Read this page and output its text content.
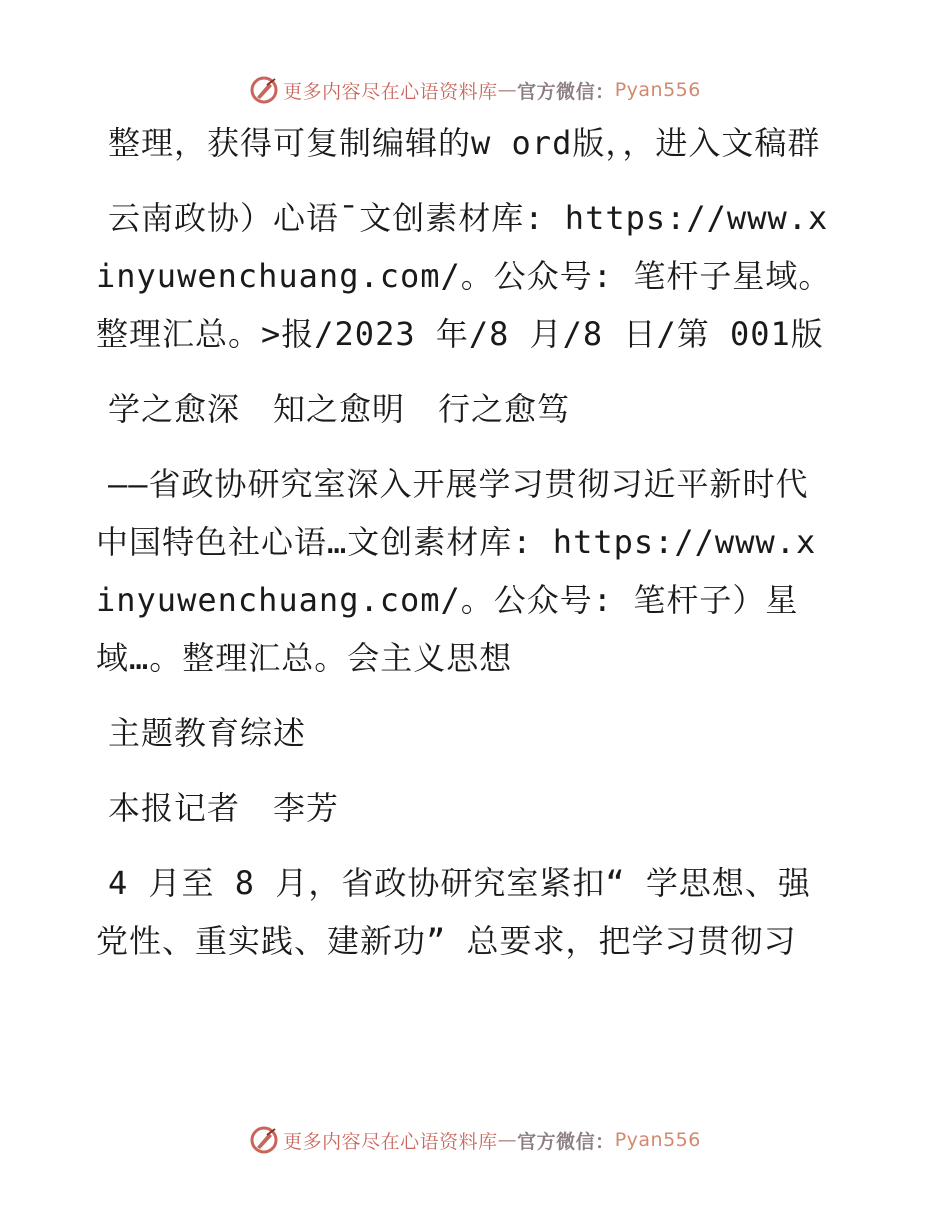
更多内容尽在心语资料库 — 官方微信： Pyan556

整理，获得可复制编辑的w ord版，，进入文稿群

云南政协）心语¯文创素材库: https://www.xinyuwenchuang.com/。公众号: 笔杆子星域。整理汇总。>报/2023 年/8 月/8 日/第 001版

学之愈深　知之愈明　行之愈笃

——省政协研究室深入开展学习贯彻习近平新时代中国特色社心语…文创素材库: https://www.xinyuwenchuang.com/。公众号: 笔杆子）星域…。整理汇总。会主义思想

主题教育综述

本报记者　李芳

4 月至 8 月，省政协研究室紧扣“ 学思想、强党性、重实践、建新功” 总要求，把学习贯彻习

更多内容尽在心语资料库 — 官方微信： Pyan556
